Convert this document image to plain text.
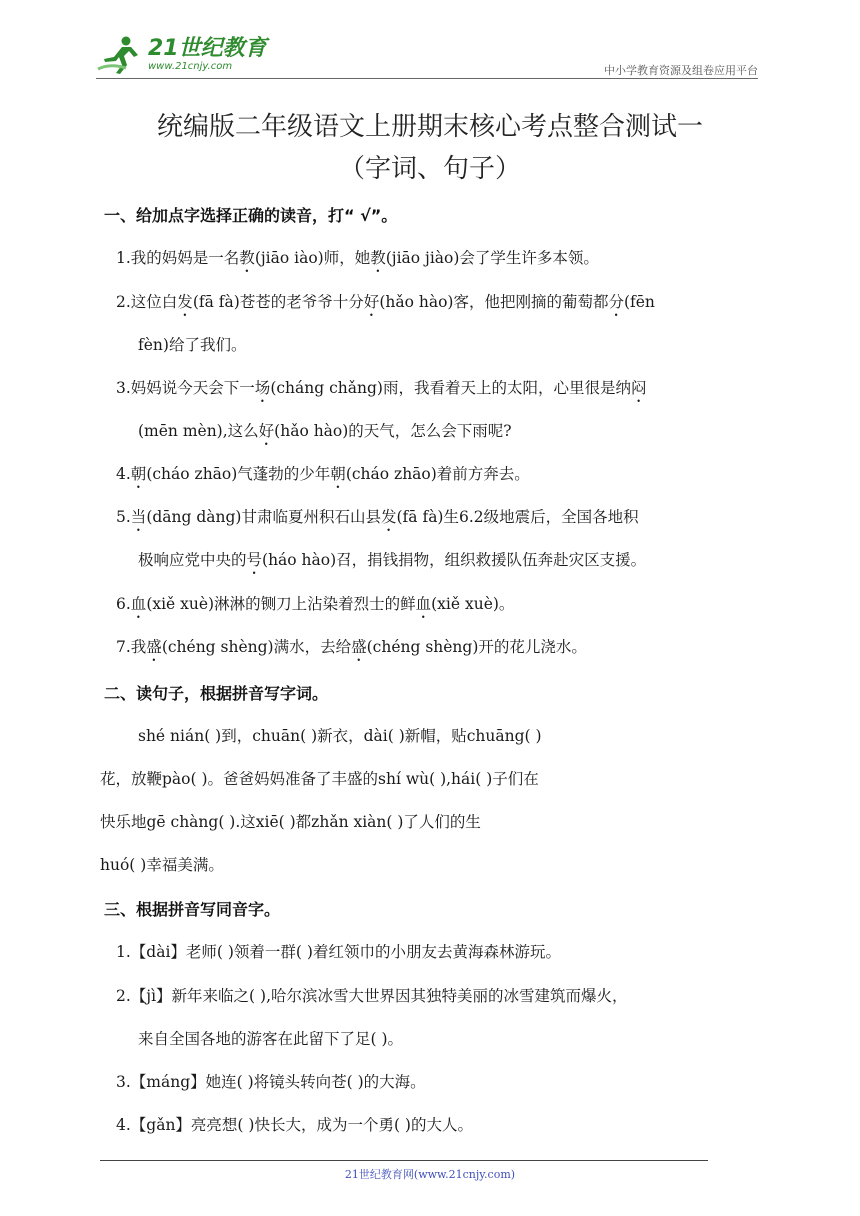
21世纪教育
www.21cnjy.com	中小学教育资源及组卷应用平台
统编版二年级语文上册期末核心考点整合测试一
（字词、句子）
一、给加点字选择正确的读音，打“ √”。
1.我的妈妈是一名教(jiāo iào)师，她教(jiāo jiào)会了学生许多本领。
2.这位白发(fā fà)苍苍的老爷爷十分好(hǎo hào)客，他把刚摘的葡萄都分(fēn
fèn)给了我们。
3.妈妈说今天会下一场(cháng chǎng)雨，我看着天上的太阳，心里很是纳闷
(mēn mèn),这么好(hǎo hào)的天气，怎么会下雨呢?
4.朝(cháo zhāo)气蓬勃的少年朝(cháo zhāo)着前方奔去。
5.当(dāng dàng)甘肃临夏州积石山县发(fā fà)生6.2级地震后，全国各地积
极响应党中央的号(háo hào)召，捐钱捐物，组织救援队伍奔赴灾区支援。
6.血(xiě xuè)淋淋的铡刀上沾染着烈士的鲜血(xiě xuè)。
7.我盛(chéng shèng)满水，去给盛(chéng shèng)开的花儿浇水。
二、读句子，根据拼音写字词。
shé nián( )到，chuān( )新衣，dài( )新帽，贴chuāng( )
花，放鞭pào( )。爸爸妈妈准备了丰盛的shí wù( ),hái( )子们在
快乐地gē chàng( ).这xiē( )都zhǎn xiàn( )了人们的生
huó( )幸福美满。
三、根据拼音写同音字。
1.【dài】老师( )领着一群( )着红领巾的小朋友去黄海森林游玩。
2.【jì】新年来临之( ),哈尔滨冰雪大世界因其独特美丽的冰雪建筑而爆火，
来自全国各地的游客在此留下了足( )。
3.【máng】她连( )将镜头转向苍( )的大海。
4.【gǎn】亮亮想( )快长大，成为一个勇( )的大人。
21世纪教育网(www.21cnjy.com)
